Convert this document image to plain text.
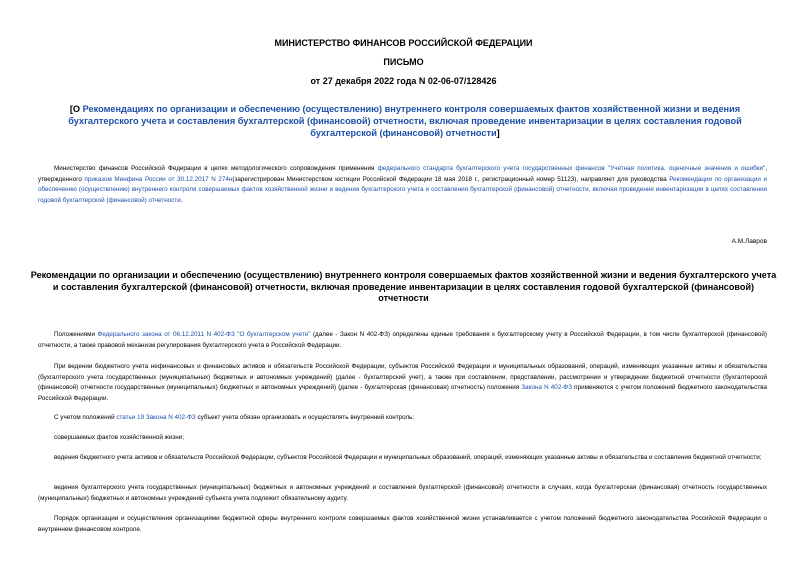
МИНИСТЕРСТВО ФИНАНСОВ РОССИЙСКОЙ ФЕДЕРАЦИИ
ПИСЬМО
от 27 декабря 2022 года N 02-06-07/128426
[О Рекомендациях по организации и обеспечению (осуществлению) внутреннего контроля совершаемых фактов хозяйственной жизни и ведения бухгалтерского учета и составления бухгалтерской (финансовой) отчетности, включая проведение инвентаризации в целях составления годовой бухгалтерской (финансовой) отчетности]
Министерство финансов Российской Федерации в целях методологического сопровождения применения федерального стандарта бухгалтерского учета государственных финансов "Учетная политика, оценочные значения и ошибки", утвержденного приказом Минфина России от 30.12.2017 N 274н(зарегистрирован Министерством юстиции Российской Федерации 18 мая 2018 г., регистрационный номер 51123), направляет для руководства Рекомендации по организации и обеспечению (осуществлению) внутреннего контроля совершаемых фактов хозяйственной жизни и ведения бухгалтерского учета и составления бухгалтерской (финансовой) отчетности, включая проведение инвентаризации в целях составления годовой бухгалтерской (финансовой) отчетности.
А.М.Лавров
Рекомендации по организации и обеспечению (осуществлению) внутреннего контроля совершаемых фактов хозяйственной жизни и ведения бухгалтерского учета и составления бухгалтерской (финансовой) отчетности, включая проведение инвентаризации в целях составления годовой бухгалтерской (финансовой) отчетности
Положениями Федерального закона от 06.12.2011 N 402-ФЗ "О бухгалтерском учете" (далее - Закон N 402-ФЗ) определены единые требования к бухгалтерскому учету в Российской Федерации, в том числе бухгалтерской (финансовой) отчетности, а также правовой механизм регулирования бухгалтерского учета в Российской Федерации.
При ведении бюджетного учета нефинансовых и финансовых активов и обязательств Российской Федерации, субъектов Российской Федерации и муниципальных образований, операций, изменяющих указанные активы и обязательства (бухгалтерского учета государственных (муниципальных) бюджетных и автономных учреждений) (далее - бухгалтерский учет), а также при составлении, представлении, рассмотрении и утверждении бюджетной отчетности (бухгалтерской (финансовой) отчетности государственных (муниципальных) бюджетных и автономных учреждений) (далее - бухгалтерская (финансовая) отчетность) положения Закона N 402-ФЗ применяются с учетом положений бюджетного законодательства Российской Федерации.
С учетом положений статьи 19 Закона N 402-ФЗ субъект учета обязан организовать и осуществлять внутренний контроль:
совершаемых фактов хозяйственной жизни;
ведения бюджетного учета активов и обязательств Российской Федерации, субъектов Российской Федерации и муниципальных образований, операций, изменяющих указанные активы и обязательства и составления бюджетной отчетности;
ведения бухгалтерского учета государственных (муниципальных) бюджетных и автономных учреждений и составления бухгалтерской (финансовой) отчетности в случаях, когда бухгалтерская (финансовая) отчетность государственных (муниципальных) бюджетных и автономных учреждений субъекта учета подлежит обязательному аудиту.
Порядок организации и осуществления организациями бюджетной сферы внутреннего контроля совершаемых фактов хозяйственной жизни устанавливается с учетом положений бюджетного законодательства Российской Федерации о внутреннем финансовом контроле.
